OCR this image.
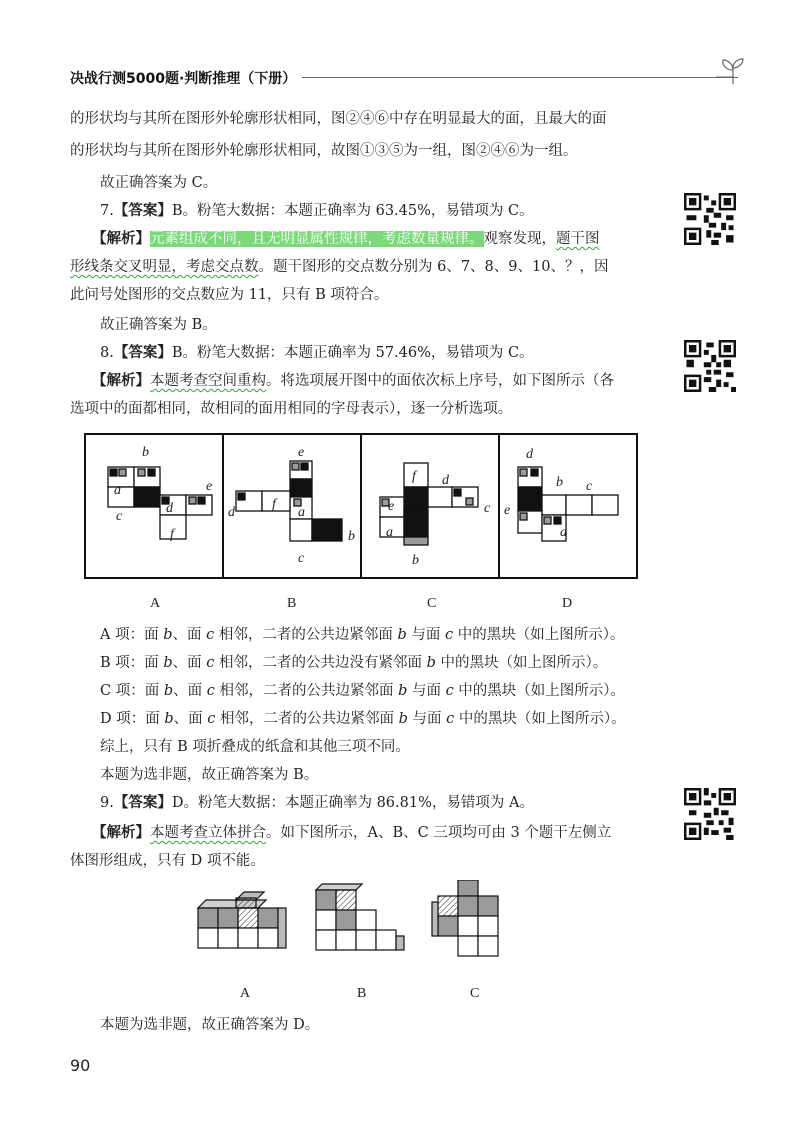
决战行测5000题·判断推理（下册）
的形状均与其所在图形外轮廓形状相同，图②④⑥中存在明显最大的面，且最大的面
的形状均与其所在图形外轮廓形状相同，故图①③⑤为一组，图②④⑥为一组。
故正确答案为 C。
7.【答案】B。粉笔大数据：本题正确率为 63.45%，易错项为 C。
【解析】元素组成不同，且无明显属性规律，考虑数量规律。观察发现，题干图
形线条交叉明显，考虑交点数。题干图形的交点数分别为 6、7、8、9、10、？，因
此问号处图形的交点数应为 11，只有 B 项符合。
故正确答案为 B。
8.【答案】B。粉笔大数据：本题正确率为 57.46%，易错项为 C。
【解析】本题考查空间重构。将选项展开图中的面依次标上序号，如下图所示（各
选项中的面都相同，故相同的面用相同的字母表示），逐一分析选项。
b
a
c
d
e
f
e
d
f
a
b
c
f d
e	c
a
b
d
b c
e
a
A	B	C	D
A 项：面 b、面 c 相邻，二者的公共边紧邻面 b 与面 c 中的黑块（如上图所示）。
B 项：面 b、面 c 相邻，二者的公共边没有紧邻面 b 中的黑块（如上图所示）。
C 项：面 b、面 c 相邻，二者的公共边紧邻面 b 与面 c 中的黑块（如上图所示）。
D 项：面 b、面 c 相邻，二者的公共边紧邻面 b 与面 c 中的黑块（如上图所示）。
综上，只有 B 项折叠成的纸盒和其他三项不同。
本题为选非题，故正确答案为 B。
9.【答案】D。粉笔大数据：本题正确率为 86.81%，易错项为 A。
【解析】本题考查立体拼合。如下图所示，A、B、C 三项均可由 3 个题干左侧立
体图形组成，只有 D 项不能。
A	B	C
本题为选非题，故正确答案为 D。
90
